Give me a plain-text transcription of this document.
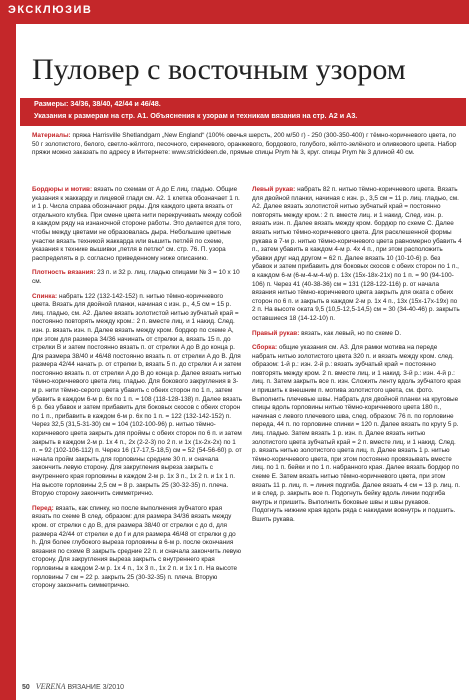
ЭКСКЛЮЗИВ
Пуловер с восточным узором
Размеры: 34/36, 38/40, 42/44 и 46/48.
Указания к размерам на стр. A1. Объяснения к узорам и техникам вязания на стр. A2 и A3.
Материалы: пряжа Harrisville Shetlandgarn „New England“ (100% овечья шерсть, 200 м/50 г) - 250 (300-350-400) г тёмно-коричневого цвета, по 50 г золотистого, белого, светло-жёлтого, песочного, сиреневого, оранжевого, бордового, голубого, жёлто-зелёного и оливкового цвета. Набор пряжи можно заказать по адресу в Интернете: www.strickideen.de, прямые спицы Prym № 3, круг. спицы Prym № 3 длиной 40 см.

Бордюры и мотив: вязать по схемам от A до E лиц. гладью. Общие указания к жаккарду и лицевой глади см. A2. 1 клетка обозначает 1 п. и 1 р. Числа справа обозначают ряды. Для каждого цвета вязать от отдельного клубка. При смене цвета нити перекручивать между собой в каждом ряду на изнаночной стороне работы. Это делается для того, чтобы между цветами не образовалась дыра. Небольшие цветные участки вязать техникой жаккарда или вышить петлёй по схеме, указания к технике вышивки „петля в петлю“ см. стр. 76. П. узора распределять в р. согласно приведенному ниже описанию.

Плотность вязания: 23 п. и 32 р. лиц. гладью спицами № 3 = 10 х 10 см.

Спинка: набрать 122 (132-142-152) п. нитью тёмно-коричневого цвета. Вязать для двойной планки, начиная с изн. р., 4,5 см = 15 р. лиц. гладью, см. A2. Далее вязать золотистой нитью зубчатый край = постоянно повторять между кром.: 2 п. вместе лиц. и 1 накид. След. изн. р. вязать изн. п. Далее вязать между кром. бордюр по схеме A, при этом для размера 34/36 начинать от стрелки a, вязать 15 п. до стрелки B и затем постоянно вязать п. от стрелки A до B до конца р. Для размера 38/40 и 46/48 постоянно вязать п. от стрелки A до B. Для размера 42/44 начать р. от стрелки b, вязать 5 п. до стрелки A и затем постоянно вязать п. от стрелки A до B до конца р. Далее вязать нитью тёмно-коричневого цвета лиц. гладью. Для бокового закругления в 3-м р. нити тёмно-серого цвета убавить с обеих сторон по 1 п., затем убавить в каждом 6-м р. 6х по 1 п. = 108 (118-128-138) п. Далее вязать 6 р. без убавок и затем прибавить для боковых скосов с обеих сторон по 1 п., прибавить в каждом 6-м р. 6х по 1 п. = 122 (132-142-152) п. Через 32,5 (31,5-31-30) см = 104 (102-100-96) р. нитью тёмно-коричневого цвета закрыть для проймы с обеих сторон по 6 п. и затем закрыть в каждом 2-м р. 1х 4 п., 2х (2-2-3) по 2 п. и 1х (1х-2х-2х) по 1 п. = 92 (102-106-112) п. Через 16 (17-17,5-18,5) см = 52 (54-56-60) р. от начала пройм закрыть для горловины средние 30 п. и сначала закончить левую сторону. Для закругления выреза закрыть с внутреннего края горловины в каждом 2-м р. 1х 3 п., 1х 2 п. и 1х 1 п. На высоте горловины 2,5 см = 8 р. закрыть 25 (30-32-35) п. плеча. Вторую сторону закончить симметрично.

Перед: вязать, как спинку, но после выполнения зубчатого края вязать по схеме B след. образом: для размера 34/36 вязать между кром. от стрелки c до B, для размера 38/40 от стрелки c до d, для размера 42/44 от стрелки e до f и для размера 46/48 от стрелки g до h. Для более глубокого выреза горловины в 6-м р. после окончания вязания по схеме B закрыть средние 22 п. и сначала закончить левую сторону. Для закругления выреза закрыть с внутреннего края горловины в каждом 2-м р. 1х 4 п., 1х 3 п., 1х 2 п. и 1х 1 п. На высоте горловины 7 см = 22 р. закрыть 25 (30-32-35) п. плеча. Вторую сторону закончить симметрично.

Левый рукав: набрать 82 п. нитью тёмно-коричневого цвета. Вязать для двойной планки, начиная с изн. р., 3,5 см = 11 р. лиц. гладью, см. A2. Далее вязать золотистой нитью зубчатый край = постоянно повторять между кром.: 2 п. вместе лиц. и 1 накид. След. изн. р. вязать изн. п. Далее вязать между кром. бордюр по схеме C. Далее вязать нитью тёмно-коричневого цвета. Для расклешенной формы рукава в 7-м р. нитью тёмно-коричневого цвета равномерно убавить 4 п., затем убавить в каждом 4-м р. 4х 4 п., при этом расположить убавки друг над другом = 62 п. Далее вязать 10 (10-10-6) р. без убавок и затем прибавить для боковых скосов с обеих сторон по 1 п., в каждом 6-м (6-м-4-м-4-м) р. 13х (15х-18х-21х) по 1 п. = 90 (94-100-106) п. Через 41 (40-38-36) см = 131 (128-122-116) р. от начала вязания нитью тёмно-коричневого цвета закрыть для окатa с обеих сторон по 6 п. и закрыть в каждом 2-м р. 1х 4 п., 13х (15х-17х-19х) по 2 п. На высоте оката 9,5 (10,5-12,5-14,5) см = 30 (34-40-46) р. закрыть оставшиеся 18 (14-12-10) п.

Правый рукав: вязать, как левый, но по схеме D.

Сборка: общие указания см. A3. Для рамки мотива на переде набрать нитью золотистого цвета 320 п. и вязать между кром. след. образом: 1-й р.: изн. 2-й р.: вязать зубчатый край = постоянно повторять между кром. 2 п. вместе лиц. и 1 накид. 3-й р.: изн. 4-й р.: лиц. п. Затем закрыть все п. изн. Сложить ленту вдоль зубчатого края и пришить к внешним п. мотива золотистого цвета, см. фото. Выполнить плечевые швы. Набрать для двойной планки на круговые спицы вдоль горловины нитью тёмно-коричневого цвета 180 п., начиная с левого плечевого шва, след. образом: 76 п. по горловине переда, 44 п. по горловине спинки = 120 п. Далее вязать по кругу 5 р. лиц. гладью. Затем вязать 1 р. изн. п. Далее вязать нитью золотистого цвета зубчатый край = 2 п. вместе лиц. и 1 накид. След. р. вязать нитью золотистого цвета лиц. п. Далее вязать 1 р. нитью тёмно-коричневого цвета, при этом постоянно провязывать вместе лиц. по 1 п. бейки и по 1 п. набранного края. Далее вязать бордюр по схеме E. Затем вязать нитью тёмно-коричневого цвета, при этом вязать 11 р. лиц. п. = линия подгиба. Далее вязать 4 см = 13 р. лиц. п. и в след. р. закрыть все п. Подогнуть бейку вдоль линии подгиба внутрь и пришить. Выполнить боковые швы и швы рукавов. Подогнуть нижние края вдоль ряда с накидами вовнутрь и подшить. Вшить рукава.

50 VERENA ВЯЗАНИЕ 3/2010
